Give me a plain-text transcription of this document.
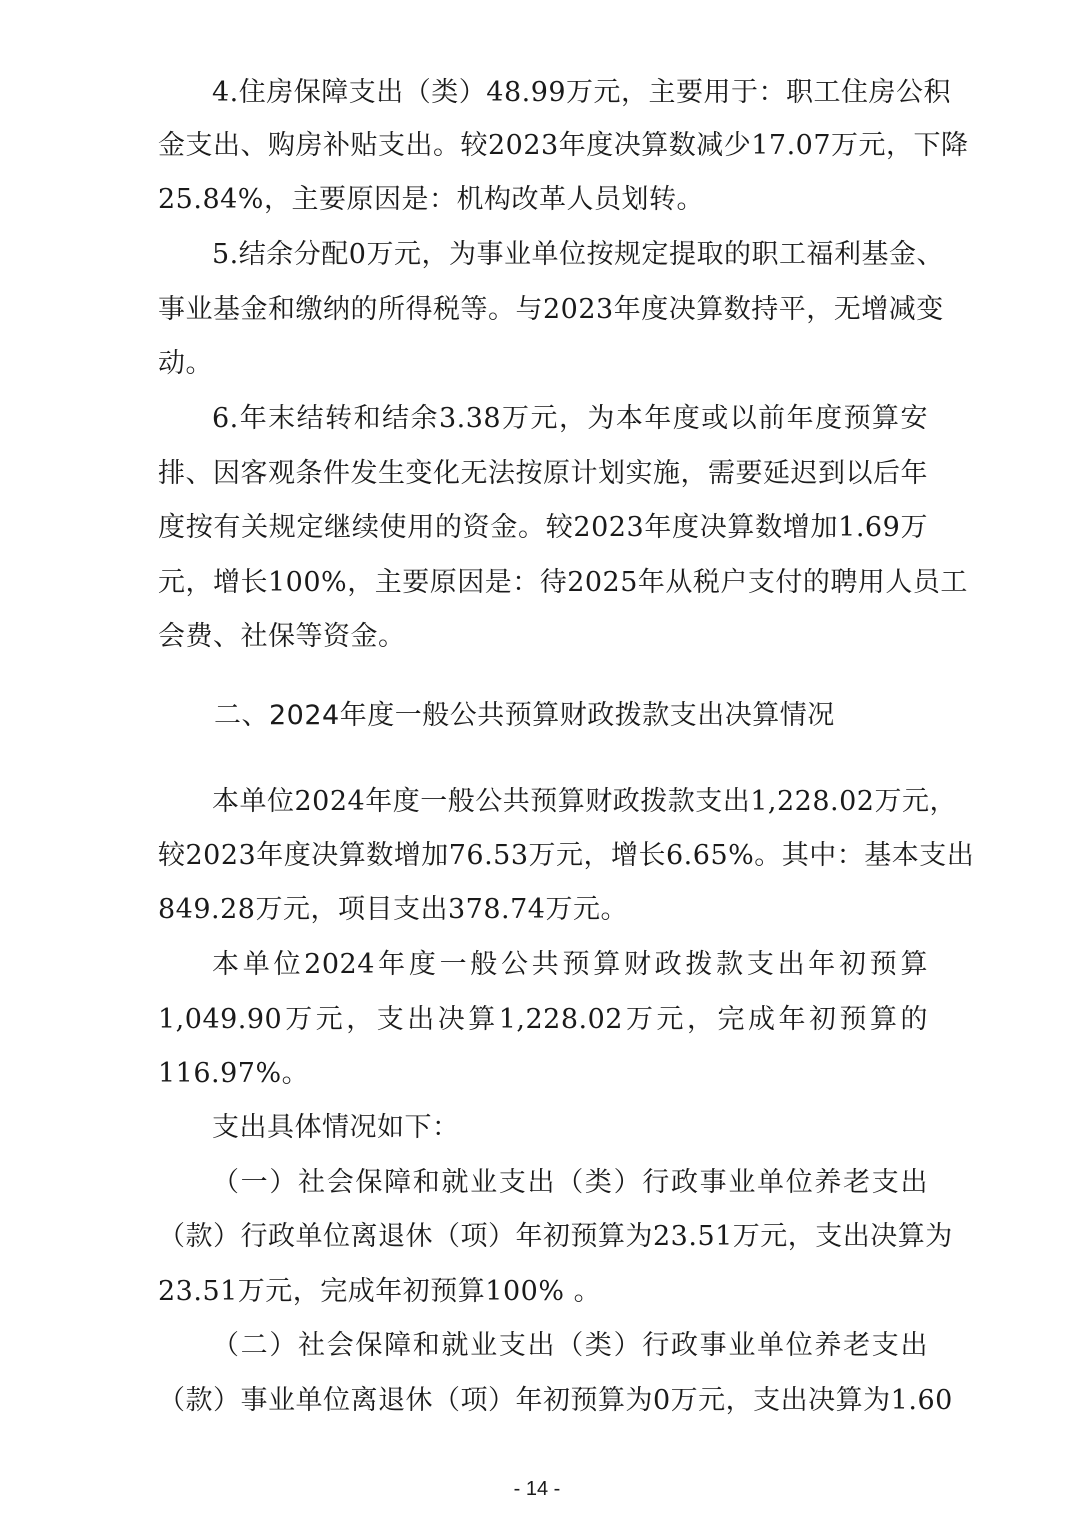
4.住房保障支出（类）48.99万元，主要用于：职工住房公积
金支出、购房补贴支出。较2023年度决算数减少17.07万元，下降
25.84%，主要原因是：机构改革人员划转。
5.结余分配0万元，为事业单位按规定提取的职工福利基金、
事业基金和缴纳的所得税等。与2023年度决算数持平，无增减变
动。
6.年末结转和结余3.38万元，为本年度或以前年度预算安
排、因客观条件发生变化无法按原计划实施，需要延迟到以后年
度按有关规定继续使用的资金。较2023年度决算数增加1.69万
元，增长100%，主要原因是：待2025年从税户支付的聘用人员工
会费、社保等资金。
二、2024年度一般公共预算财政拨款支出决算情况
本单位2024年度一般公共预算财政拨款支出1,228.02万元，
较2023年度决算数增加76.53万元，增长6.65%。其中：基本支出
849.28万元，项目支出378.74万元。
本单位2024年度一般公共预算财政拨款支出年初预算
1,049.90万元，支出决算1,228.02万元，完成年初预算的
116.97%。
支出具体情况如下：
（一）社会保障和就业支出（类）行政事业单位养老支出
（款）行政单位离退休（项）年初预算为23.51万元，支出决算为
23.51万元，完成年初预算100% 。
（二）社会保障和就业支出（类）行政事业单位养老支出
（款）事业单位离退休（项）年初预算为0万元，支出决算为1.60
- 14 -
